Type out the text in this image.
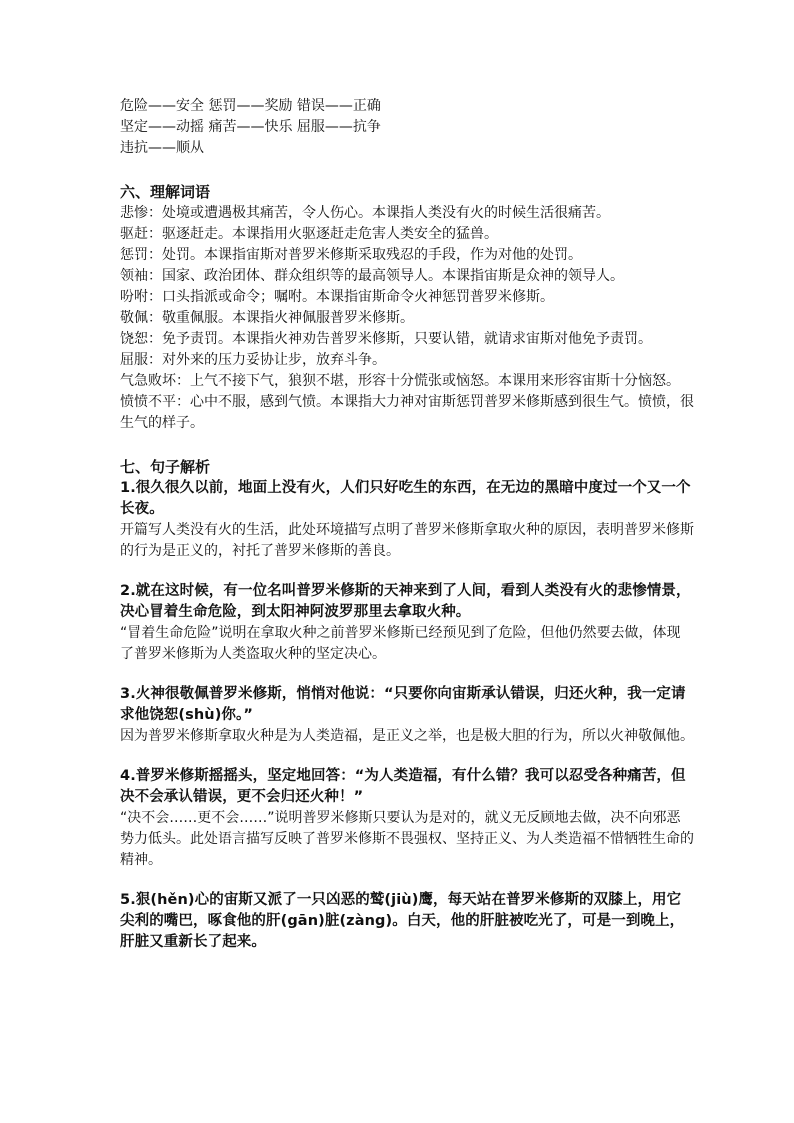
危险——安全 惩罚——奖励 错误——正确
坚定——动摇 痛苦——快乐 屈服——抗争
违抗——顺从
六、理解词语
悲惨：处境或遭遇极其痛苦，令人伤心。本课指人类没有火的时候生活很痛苦。
驱赶：驱逐赶走。本课指用火驱逐赶走危害人类安全的猛兽。
惩罚：处罚。本课指宙斯对普罗米修斯采取残忍的手段，作为对他的处罚。
领袖：国家、政治团体、群众组织等的最高领导人。本课指宙斯是众神的领导人。
吩咐：口头指派或命令；嘱咐。本课指宙斯命令火神惩罚普罗米修斯。
敬佩：敬重佩服。本课指火神佩服普罗米修斯。
饶恕：免予责罚。本课指火神劝告普罗米修斯，只要认错，就请求宙斯对他免予责罚。
屈服：对外来的压力妥协让步，放弃斗争。
气急败坏：上气不接下气，狼狈不堪，形容十分慌张或恼怒。本课用来形容宙斯十分恼怒。
愤愤不平：心中不服，感到气愤。本课指大力神对宙斯惩罚普罗米修斯感到很生气。愤愤，很生气的样子。
七、句子解析
1.很久很久以前，地面上没有火，人们只好吃生的东西，在无边的黑暗中度过一个又一个长夜。
开篇写人类没有火的生活，此处环境描写点明了普罗米修斯拿取火种的原因，表明普罗米修斯的行为是正义的，衬托了普罗米修斯的善良。
2.就在这时候，有一位名叫普罗米修斯的天神来到了人间，看到人类没有火的悲惨情景，决心冒着生命危险，到太阳神阿波罗那里去拿取火种。
“冒着生命危险”说明在拿取火种之前普罗米修斯已经预见到了危险，但他仍然要去做，体现了普罗米修斯为人类盗取火种的坚定决心。
3.火神很敬佩普罗米修斯，悄悄对他说：“只要你向宙斯承认错误，归还火种，我一定请求他饶恕(shù)你。”
因为普罗米修斯拿取火种是为人类造福，是正义之举，也是极大胆的行为，所以火神敬佩他。
4.普罗米修斯摇摇头，坚定地回答：“为人类造福，有什么错？我可以忍受各种痛苦，但决不会承认错误，更不会归还火种！”
“决不会……更不会……”说明普罗米修斯只要认为是对的，就义无反顾地去做，决不向邪恶势力低头。此处语言描写反映了普罗米修斯不畏强权、坚持正义、为人类造福不惜牺牲生命的精神。
5.狠(hěn)心的宙斯又派了一只凶恶的鹫(jiù)鹰，每天站在普罗米修斯的双膝上，用它尖利的嘴巴，啄食他的肝(gān)脏(zàng)。白天，他的肝脏被吃光了，可是一到晚上，肝脏又重新长了起来。
